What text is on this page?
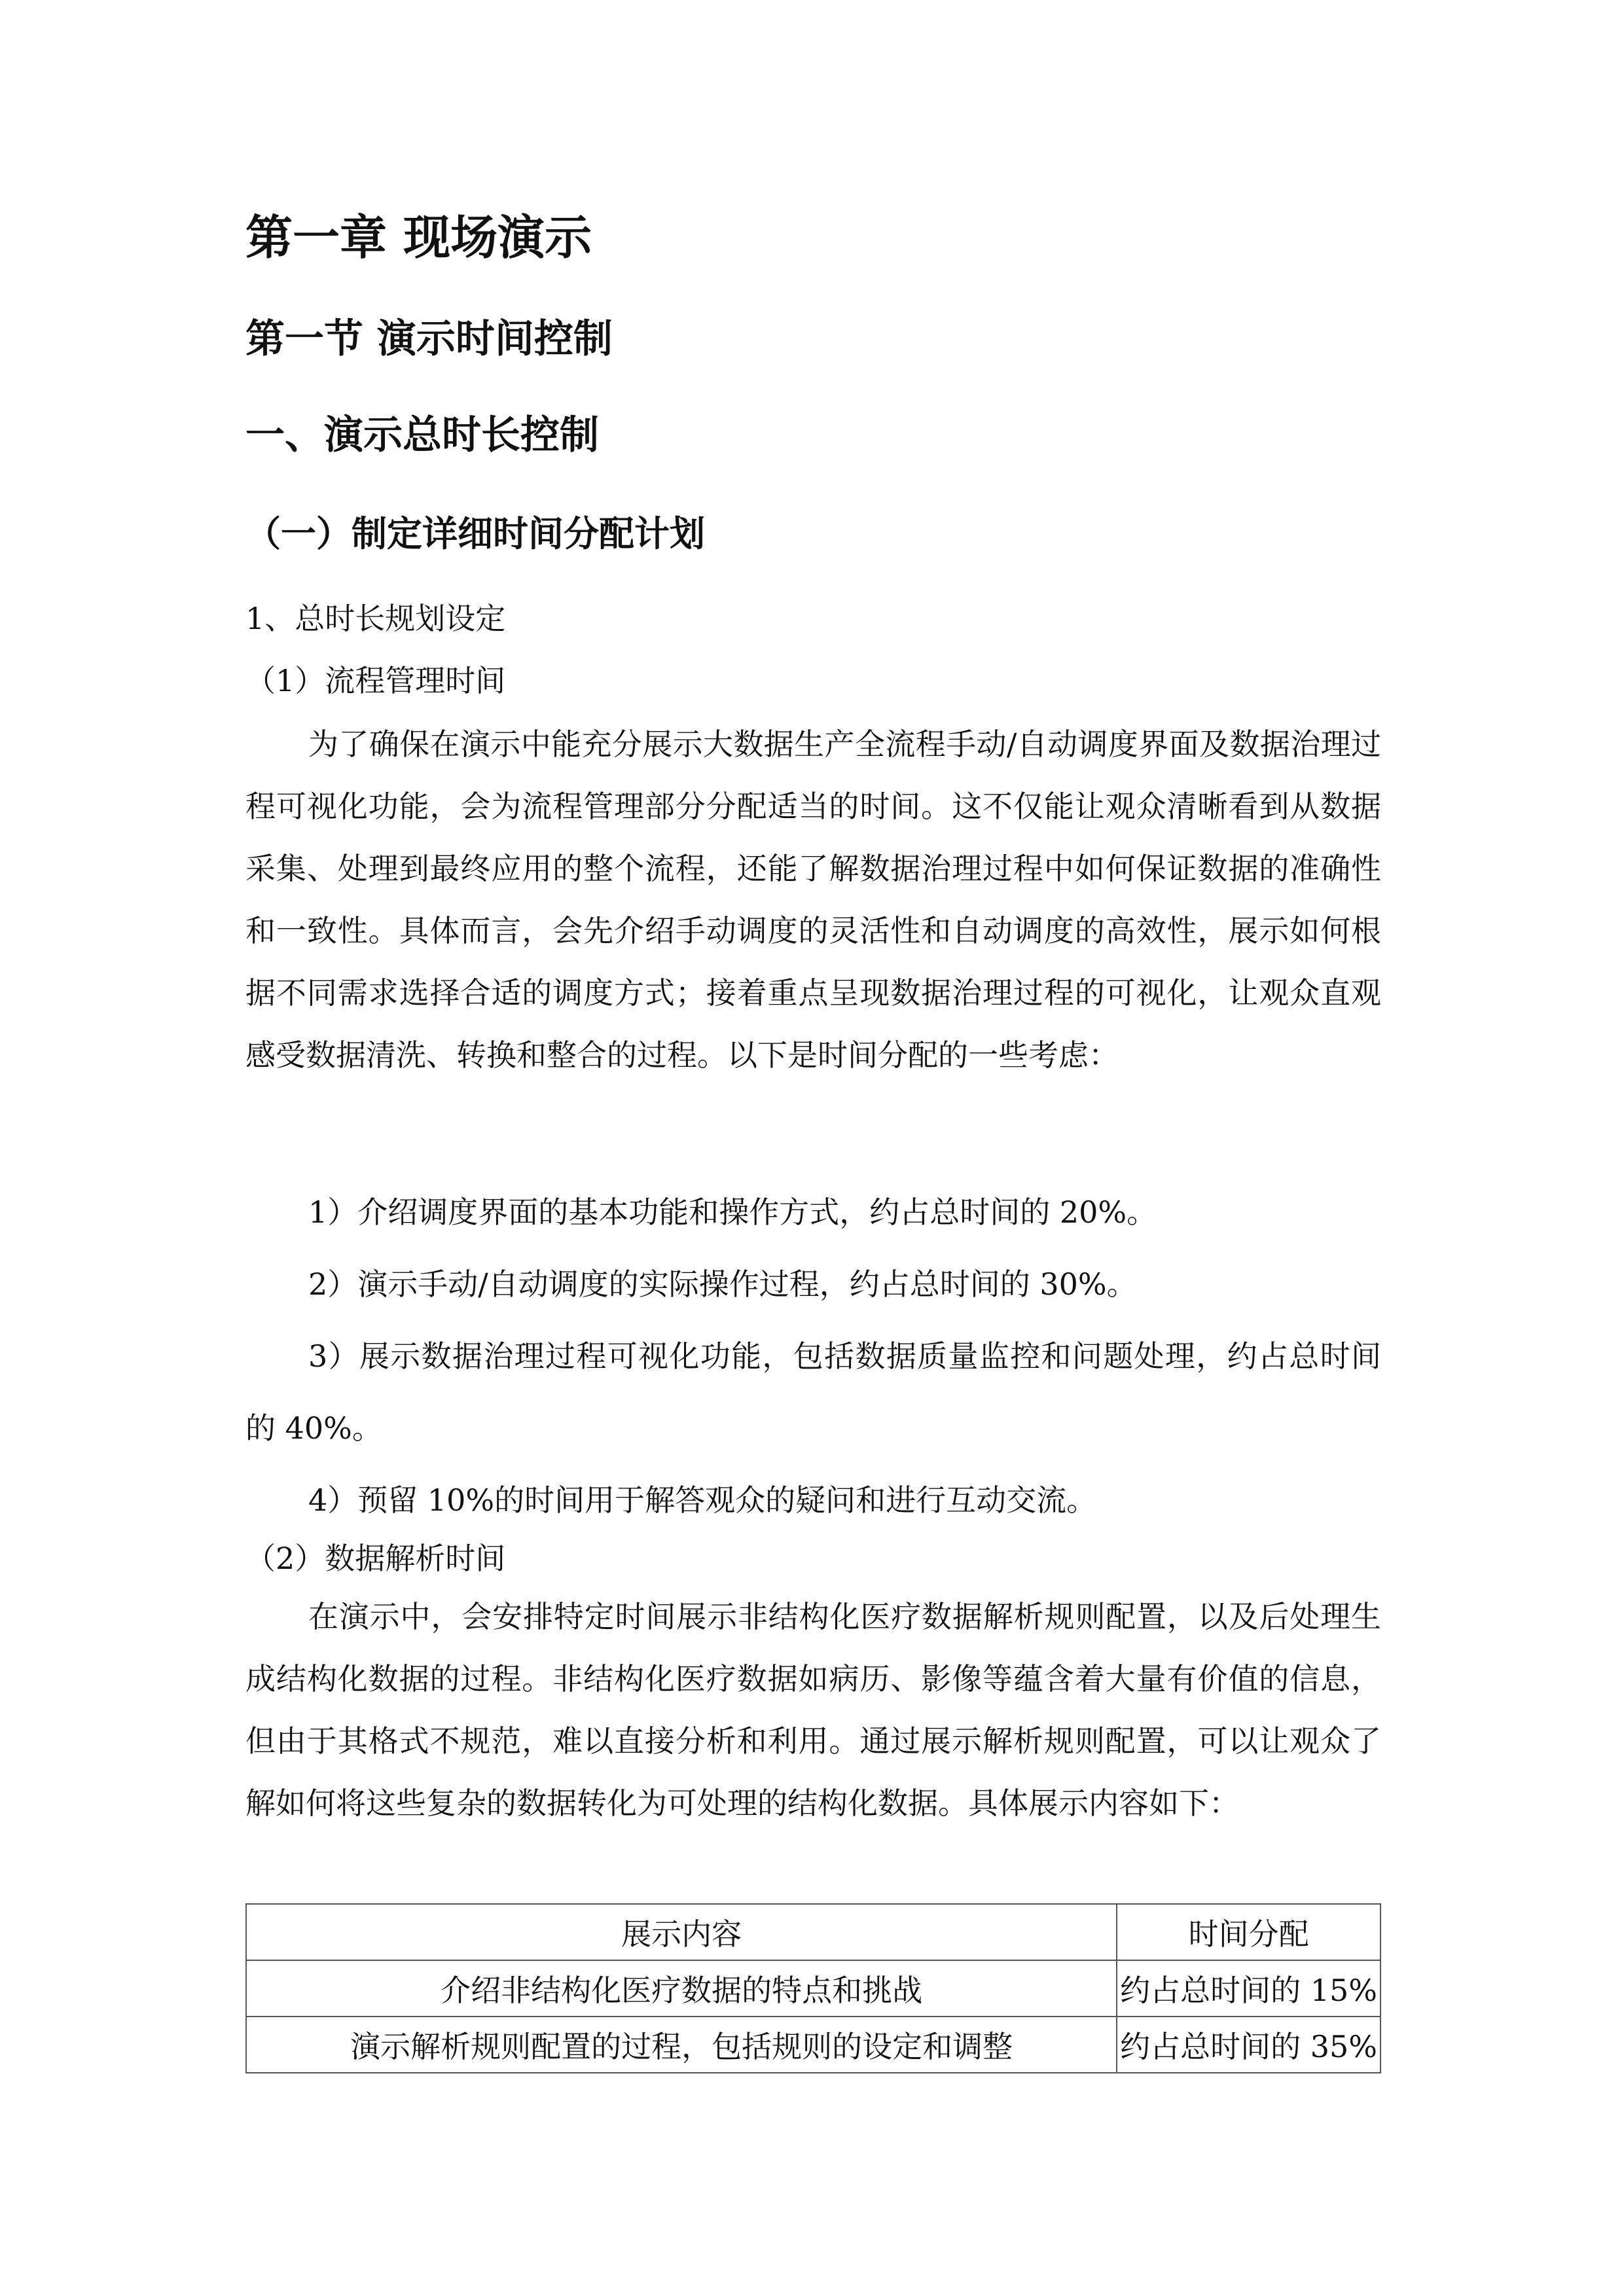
第一章 现场演示
第一节 演示时间控制
一、演示总时长控制
（一）制定详细时间分配计划

1、总时长规划设定

（1）流程管理时间

为了确保在演示中能充分展示大数据生产全流程手动/自动调度界面及数据治理过程可视化功能，会为流程管理部分分配适当的时间。这不仅能让观众清晰看到从数据采集、处理到最终应用的整个流程，还能了解数据治理过程中如何保证数据的准确性和一致性。具体而言，会先介绍手动调度的灵活性和自动调度的高效性，展示如何根据不同需求选择合适的调度方式；接着重点呈现数据治理过程的可视化，让观众直观感受数据清洗、转换和整合的过程。以下是时间分配的一些考虑：

1）介绍调度界面的基本功能和操作方式，约占总时间的 20%。

2）演示手动/自动调度的实际操作过程，约占总时间的 30%。

3）展示数据治理过程可视化功能，包括数据质量监控和问题处理，约占总时间的 40%。

4）预留 10%的时间用于解答观众的疑问和进行互动交流。

（2）数据解析时间

在演示中，会安排特定时间展示非结构化医疗数据解析规则配置，以及后处理生成结构化数据的过程。非结构化医疗数据如病历、影像等蕴含着大量有价值的信息，但由于其格式不规范，难以直接分析和利用。通过展示解析规则配置，可以让观众了解如何将这些复杂的数据转化为可处理的结构化数据。具体展示内容如下：

展示内容	时间分配
介绍非结构化医疗数据的特点和挑战	约占总时间的 15%
演示解析规则配置的过程，包括规则的设定和调整	约占总时间的 35%
